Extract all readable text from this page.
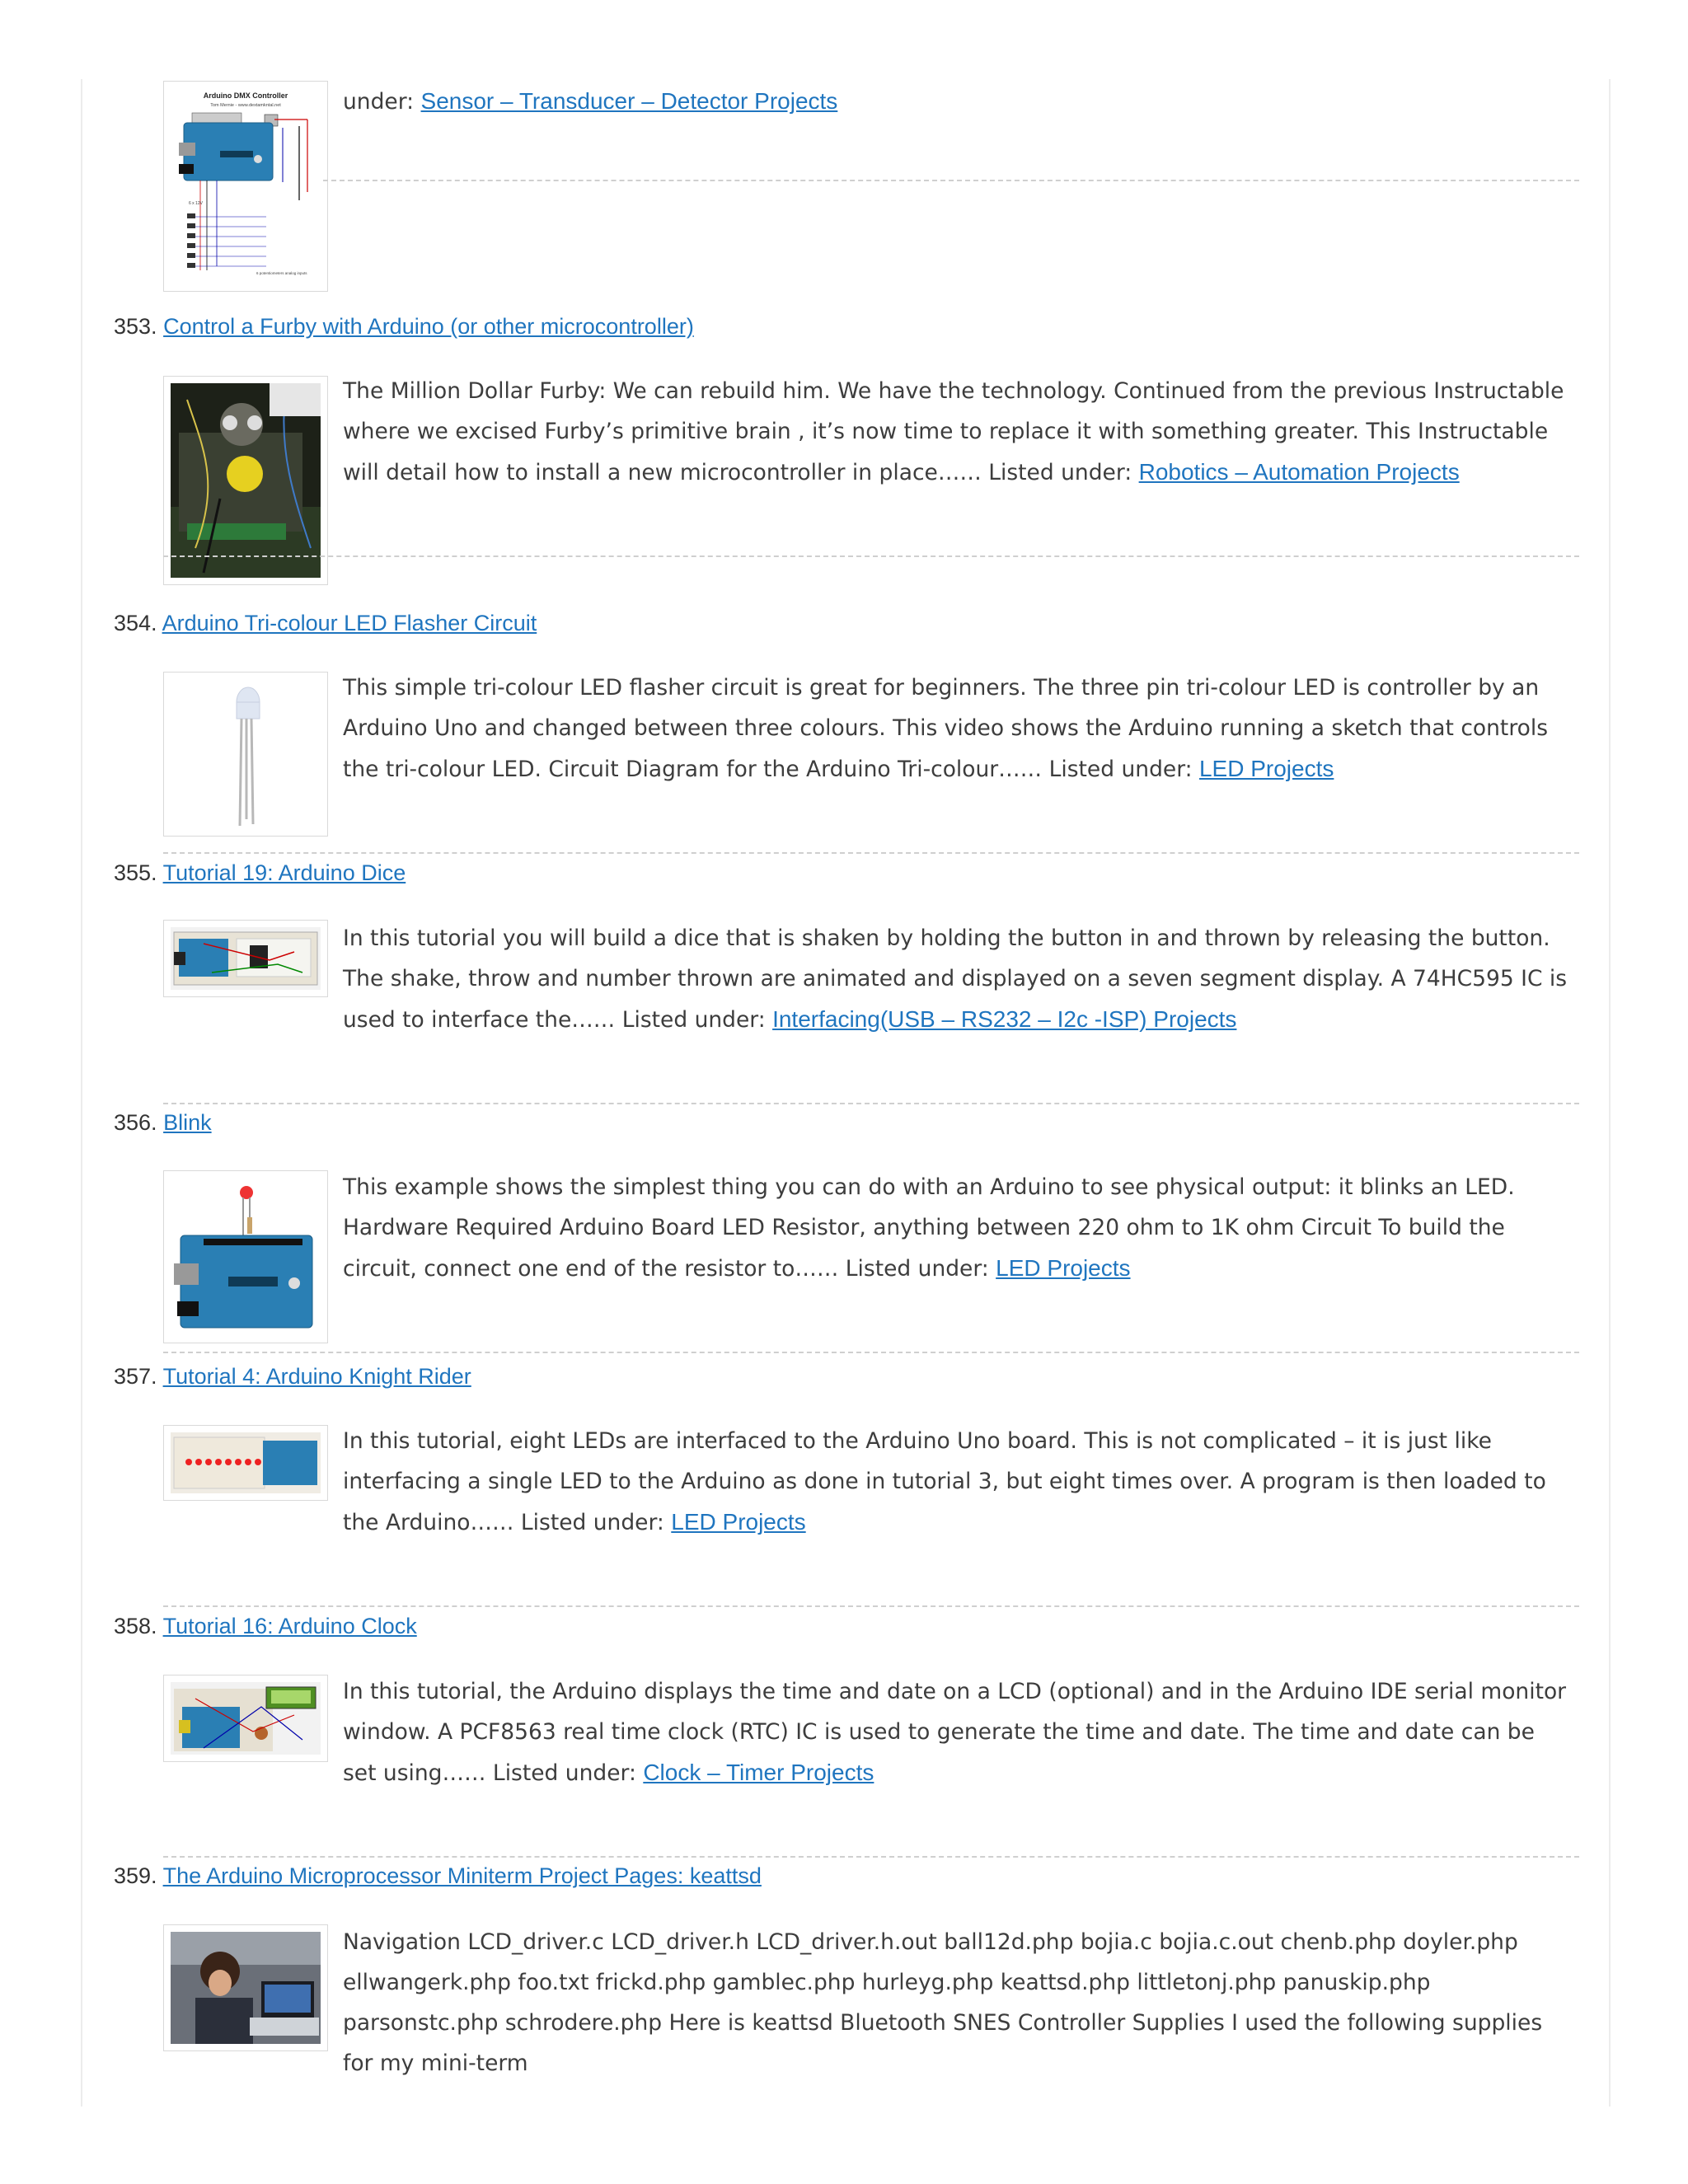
Arduino DMX Controller
Tom Mernie - www.dextamkntal.net
6 x 12V
6 potentiometers analog inputs
under: Sensor – Transducer – Detector Projects
353. Control a Furby with Arduino (or other microcontroller)
The Million Dollar Furby: We can rebuild him. We have the technology. Continued from the previous Instructable where we excised Furby’s primitive brain , it’s now time to replace it with something greater. This Instructable will detail how to install a new microcontroller in place…… Listed under: Robotics – Automation Projects
354. Arduino Tri-colour LED Flasher Circuit
This simple tri-colour LED flasher circuit is great for beginners. The three pin tri-colour LED is controller by an Arduino Uno and changed between three colours. This video shows the Arduino running a sketch that controls the tri-colour LED. Circuit Diagram for the Arduino Tri-colour…… Listed under: LED Projects
355. Tutorial 19: Arduino Dice
In this tutorial you will build a dice that is shaken by holding the button in and thrown by releasing the button. The shake, throw and number thrown are animated and displayed on a seven segment display. A 74HC595 IC is used to interface the…… Listed under: Interfacing(USB – RS232 – I2c -ISP) Projects
356. Blink
This example shows the simplest thing you can do with an Arduino to see physical output: it blinks an LED. Hardware Required Arduino Board LED Resistor, anything between 220 ohm to 1K ohm Circuit To build the circuit, connect one end of the resistor to…… Listed under: LED Projects
357. Tutorial 4: Arduino Knight Rider
In this tutorial, eight LEDs are interfaced to the Arduino Uno board. This is not complicated – it is just like interfacing a single LED to the Arduino as done in tutorial 3, but eight times over. A program is then loaded to the Arduino…… Listed under: LED Projects
358. Tutorial 16: Arduino Clock
In this tutorial, the Arduino displays the time and date on a LCD (optional) and in the Arduino IDE serial monitor window. A PCF8563 real time clock (RTC) IC is used to generate the time and date. The time and date can be set using…… Listed under: Clock – Timer Projects
359. The Arduino Microprocessor Miniterm Project Pages: keattsd
Navigation LCD_driver.c LCD_driver.h LCD_driver.h.out ball12d.php bojia.c bojia.c.out chenb.php doyler.php ellwangerk.php foo.txt frickd.php gamblec.php hurleyg.php keattsd.php littletonj.php panuskip.php parsonstc.php schrodere.php Here is keattsd Bluetooth SNES Controller Supplies I used the following supplies for my mini-term
